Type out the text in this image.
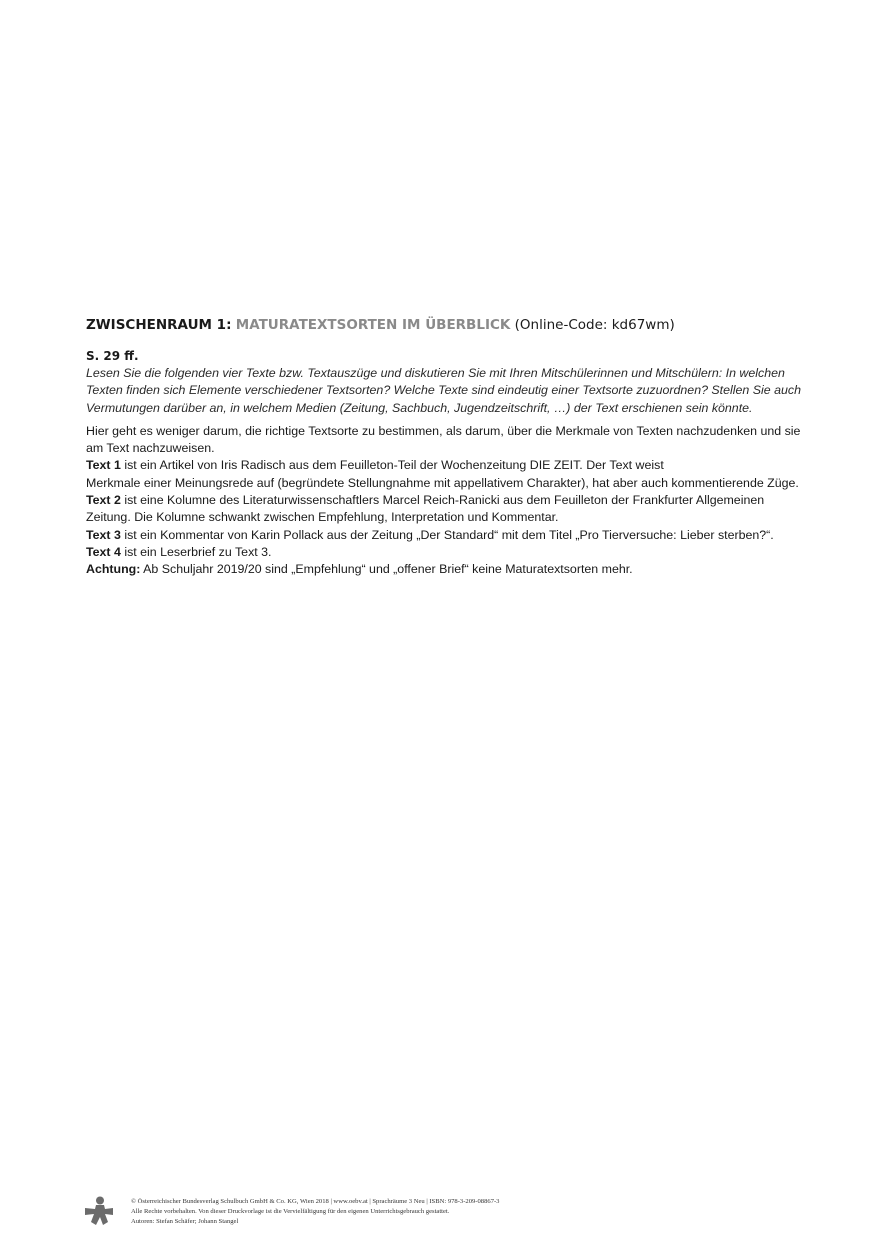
ZWISCHENRAUM 1: MATURATEXTSORTEN IM ÜBERBLICK (Online-Code: kd67wm)

S. 29 ff.

Lesen Sie die folgenden vier Texte bzw. Textauszüge und diskutieren Sie mit Ihren Mitschülerinnen und Mitschülern: In welchen Texten finden sich Elemente verschiedener Textsorten? Welche Texte sind eindeutig einer Textsorte zuzuordnen? Stellen Sie auch Vermutungen darüber an, in welchem Medien (Zeitung, Sachbuch, Jugendzeitschrift, …) der Text erschienen sein könnte.

Hier geht es weniger darum, die richtige Textsorte zu bestimmen, als darum, über die Merkmale von Texten nachzudenken und sie am Text nachzuweisen.

Text 1 ist ein Artikel von Iris Radisch aus dem Feuilleton-Teil der Wochenzeitung DIE ZEIT. Der Text weist
Merkmale einer Meinungsrede auf (begründete Stellungnahme mit appellativem Charakter), hat aber auch kommentierende Züge.

Text 2 ist eine Kolumne des Literaturwissenschaftlers Marcel Reich-Ranicki aus dem Feuilleton der Frankfurter Allgemeinen Zeitung. Die Kolumne schwankt zwischen Empfehlung, Interpretation und Kommentar.

Text 3 ist ein Kommentar von Karin Pollack aus der Zeitung „Der Standard“ mit dem Titel „Pro Tierversuche: Lieber sterben?“.

Text 4 ist ein Leserbrief zu Text 3.

Achtung: Ab Schuljahr 2019/20 sind „Empfehlung“ und „offener Brief“ keine Maturatextsorten mehr.

© Österreichischer Bundesverlag Schulbuch GmbH & Co. KG, Wien 2018 | www.oebv.at | Sprachräume 3 Neu | ISBN: 978-3-209-08867-3
Alle Rechte vorbehalten. Von dieser Druckvorlage ist die Vervielfältigung für den eigenen Unterrichtsgebrauch gestattet.
Autoren: Stefan Schäfer; Johann Stangel
